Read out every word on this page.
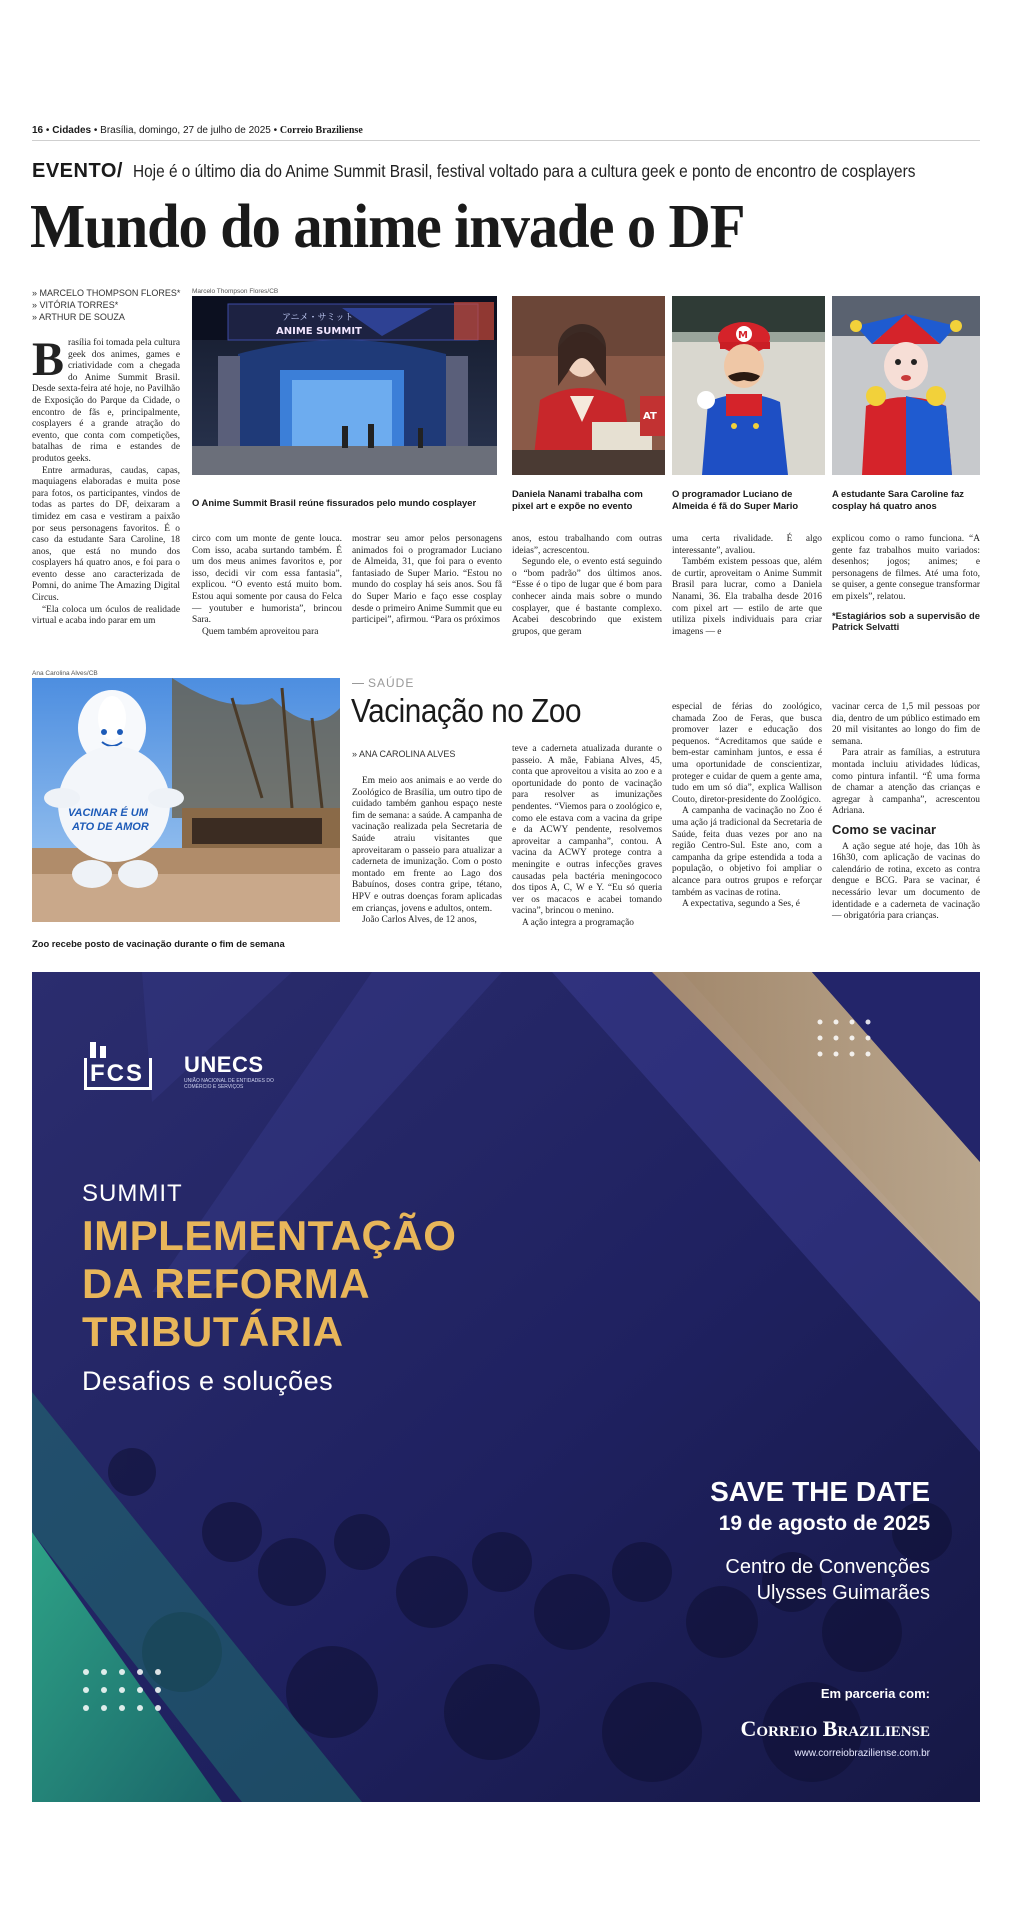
16 • Cidades • Brasília, domingo, 27 de julho de 2025 • Correio Braziliense
EVENTO/ Hoje é o último dia do Anime Summit Brasil, festival voltado para a cultura geek e ponto de encontro de cosplayers
Mundo do anime invade o DF
» MARCELO THOMPSON FLORES*
» VITÓRIA TORRES*
» ARTHUR DE SOUZA

Brasília foi tomada pela cultura geek dos animes, games e criatividade com a chegada do Anime Summit Brasil. Desde sexta-feira até hoje, no Pavilhão de Exposição do Parque da Cidade, o encontro de fãs e, principalmente, cosplayers é a grande atração do evento, que conta com competições, batalhas de rima e estandes de produtos geeks.

Entre armaduras, caudas, capas, maquiagens elaboradas e muita pose para fotos, os participantes, vindos de todas as partes do DF, deixaram a timidez em casa e vestiram a paixão por seus personagens favoritos. É o caso da estudante Sara Caroline, 18 anos, que está no mundo dos cosplayers há quatro anos, e foi para o evento desse ano caracterizada de Pomni, do anime The Amazing Digital Circus.

“Ela coloca um óculos de realidade virtual e acaba indo parar em um

Marcelo Thompson Flores/CB
アニメ・サミット
ANIME SUMMIT
O Anime Summit Brasil reúne fissurados pelo mundo cosplayer
AT
Daniela Nanami trabalha com pixel art e expõe no evento
M
O programador Luciano de Almeida é fã do Super Mario
A estudante Sara Caroline faz cosplay há quatro anos

circo com um monte de gente louca. Com isso, acaba surtando também. É um dos meus animes favoritos e, por isso, decidi vir com essa fantasia”, explicou. “O evento está muito bom. Estou aqui somente por causa do Felca — youtuber e humorista”, brincou Sara.

Quem também aproveitou para

mostrar seu amor pelos personagens animados foi o programador Luciano de Almeida, 31, que foi para o evento fantasiado de Super Mario. “Estou no mundo do cosplay há seis anos. Sou fã do Super Mario e faço esse cosplay desde o primeiro Anime Summit que eu participei”, afirmou. “Para os próximos

anos, estou trabalhando com outras ideias”, acrescentou.

Segundo ele, o evento está seguindo o “bom padrão” dos últimos anos. “Esse é o tipo de lugar que é bom para conhecer ainda mais sobre o mundo cosplayer, que é bastante complexo. Acabei descobrindo que existem grupos, que geram

uma certa rivalidade. É algo interessante”, avaliou.

Também existem pessoas que, além de curtir, aproveitam o Anime Summit Brasil para lucrar, como a Daniela Nanami, 36. Ela trabalha desde 2016 com pixel art — estilo de arte que utiliza pixels individuais para criar imagens — e

explicou como o ramo funciona. “A gente faz trabalhos muito variados: desenhos; jogos; animes; e personagens de filmes. Até uma foto, se quiser, a gente consegue transformar em pixels”, relatou.

*Estagiários sob a supervisão de Patrick Selvatti
Ana Carolina Alves/CB
VACINAR É UM
ATO DE AMOR
Zoo recebe posto de vacinação durante o fim de semana
SAÚDE
Vacinação no Zoo
» ANA CAROLINA ALVES

Em meio aos animais e ao verde do Zoológico de Brasília, um outro tipo de cuidado também ganhou espaço neste fim de semana: a saúde. A campanha de vacinação realizada pela Secretaria de Saúde atraiu visitantes que aproveitaram o passeio para atualizar a caderneta de imunização. Com o posto montado em frente ao Lago dos Babuínos, doses contra gripe, tétano, HPV e outras doenças foram aplicadas em crianças, jovens e adultos, ontem.

João Carlos Alves, de 12 anos,

teve a caderneta atualizada durante o passeio. A mãe, Fabiana Alves, 45, conta que aproveitou a visita ao zoo e a oportunidade do ponto de vacinação para resolver as imunizações pendentes. “Viemos para o zoológico e, como ele estava com a vacina da gripe e da ACWY pendente, resolvemos aproveitar a campanha”, contou. A vacina da ACWY protege contra a meningite e outras infecções graves causadas pela bactéria meningococo dos tipos A, C, W e Y. “Eu só queria ver os macacos e acabei tomando vacina”, brincou o menino.

A ação integra a programação

especial de férias do zoológico, chamada Zoo de Feras, que busca promover lazer e educação dos pequenos. “Acreditamos que saúde e bem-estar caminham juntos, e essa é uma oportunidade de conscientizar, proteger e cuidar de quem a gente ama, tudo em um só dia”, explica Wallison Couto, diretor-presidente do Zoológico.

A campanha de vacinação no Zoo é uma ação já tradicional da Secretaria de Saúde, feita duas vezes por ano na região Centro-Sul. Este ano, com a campanha da gripe estendida a toda a população, o objetivo foi ampliar o alcance para outros grupos e reforçar também as vacinas de rotina.

A expectativa, segundo a Ses, é

vacinar cerca de 1,5 mil pessoas por dia, dentro de um público estimado em 20 mil visitantes ao longo do fim de semana.

Para atrair as famílias, a estrutura montada incluiu atividades lúdicas, como pintura infantil. “É uma forma de chamar a atenção das crianças e agregar à campanha”, acrescentou Adriana.

Como se vacinar

A ação segue até hoje, das 10h às 16h30, com aplicação de vacinas do calendário de rotina, exceto as contra dengue e BCG. Para se vacinar, é necessário levar um documento de identidade e a caderneta de vacinação — obrigatória para crianças.

FCS UNECS
UNIÃO NACIONAL DE ENTIDADES DO COMÉRCIO E SERVIÇOS
SUMMIT
IMPLEMENTAÇÃO
DA REFORMA
TRIBUTÁRIA
Desafios e soluções
SAVE THE DATE
19 de agosto de 2025
Centro de Convenções
Ulysses Guimarães
Em parceria com:
Correio Braziliense
www.correiobraziliense.com.br
